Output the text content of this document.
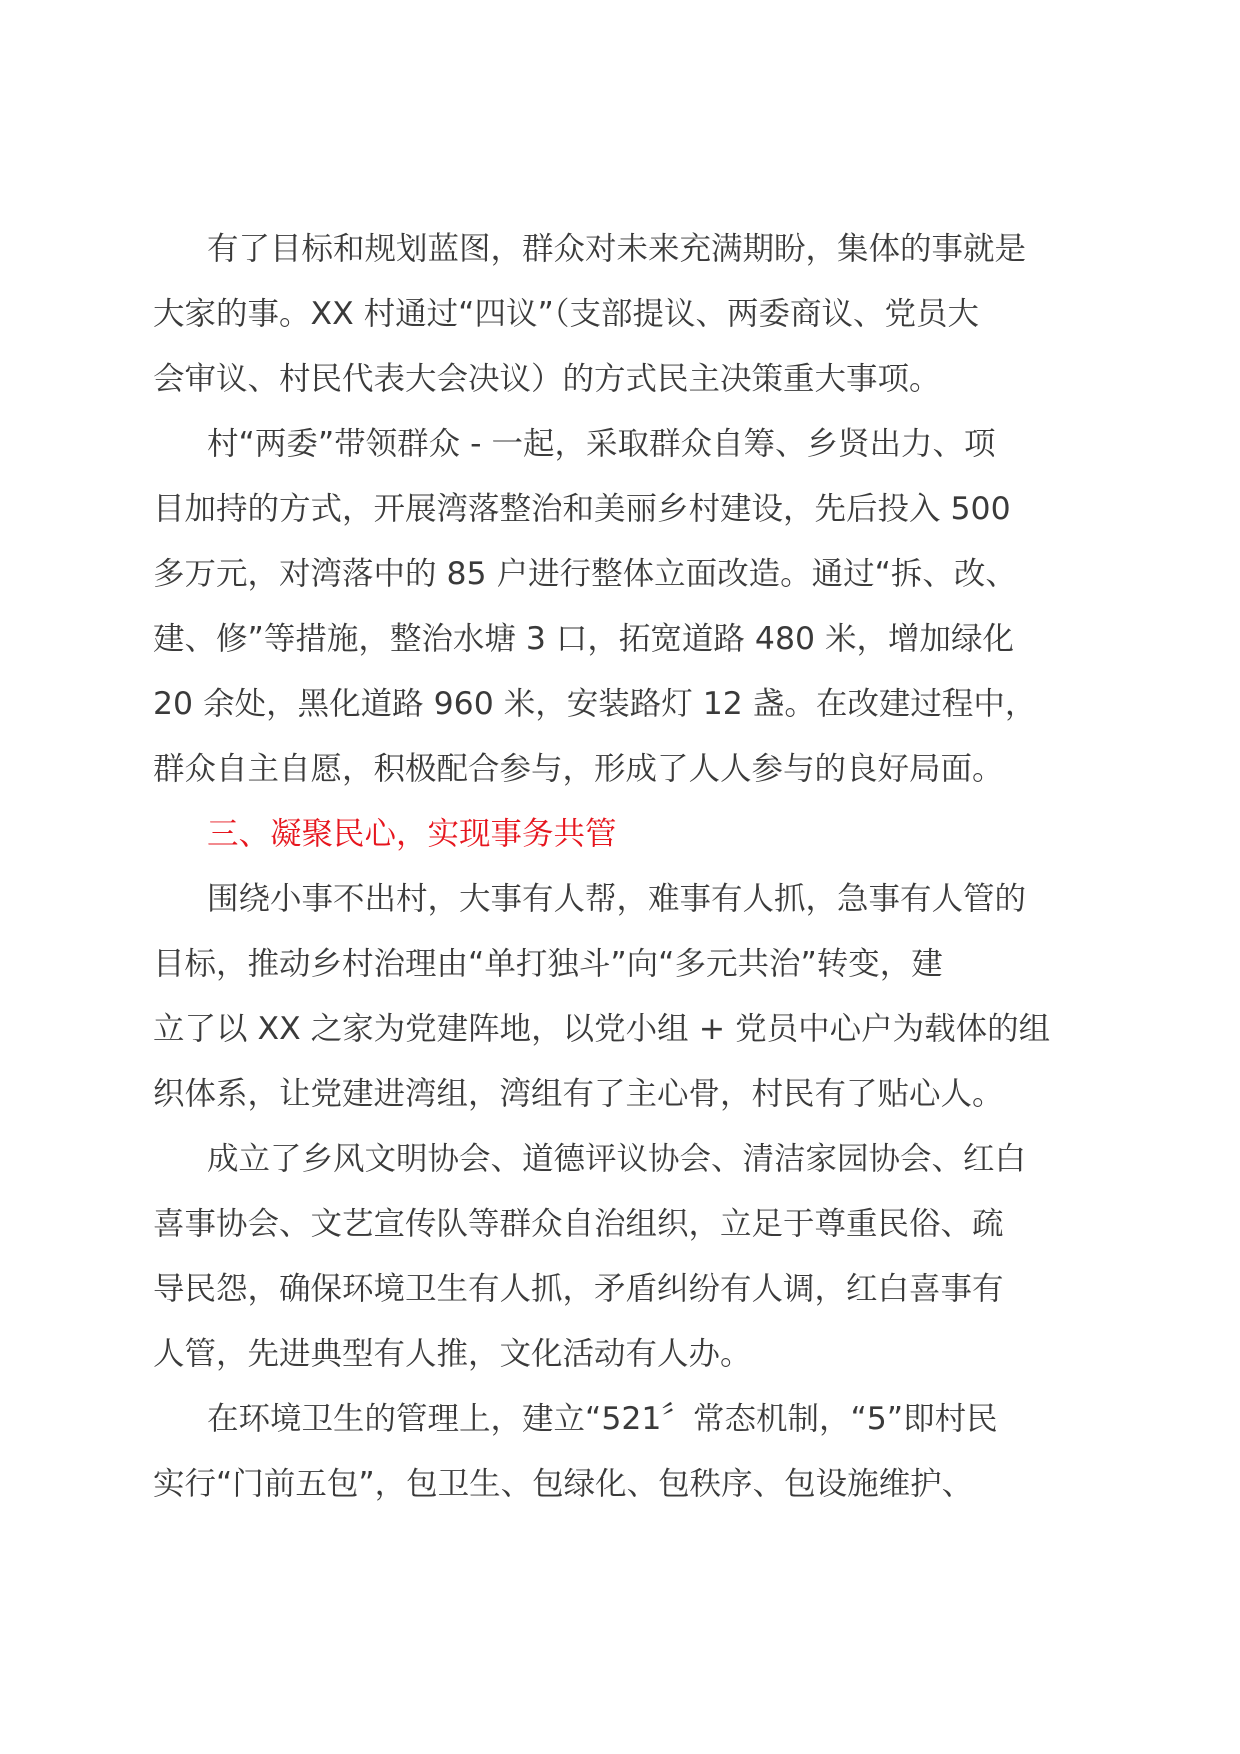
有了目标和规划蓝图，群众对未来充满期盼，集体的事就是
大家的事。XX 村通过“四议”（支部提议、两委商议、党员大
会审议、村民代表大会决议）的方式民主决策重大事项。
村“两委”带领群众 - 一起，采取群众自筹、乡贤出力、项
目加持的方式，开展湾落整治和美丽乡村建设，先后投入 500
多万元，对湾落中的 85 户进行整体立面改造。通过“拆、改、
建、修”等措施，整治水塘 3 口，拓宽道路 480 米，增加绿化
20 余处，黑化道路 960 米，安装路灯 12 盏。在改建过程中，
群众自主自愿，积极配合参与，形成了人人参与的良好局面。
三、凝聚民心，实现事务共管
围绕小事不出村，大事有人帮，难事有人抓，急事有人管的
目标，推动乡村治理由“单打独斗”向“多元共治”转变，建
立了以 XX 之家为党建阵地，以党小组 + 党员中心户为载体的组
织体系，让党建进湾组，湾组有了主心骨，村民有了贴心人。
成立了乡风文明协会、道德评议协会、清洁家园协会、红白
喜事协会、文艺宣传队等群众自治组织，立足于尊重民俗、疏
导民怨，确保环境卫生有人抓，矛盾纠纷有人调，红白喜事有
人管，先进典型有人推，文化活动有人办。
在环境卫生的管理上，建立“521〞常态机制，“5”即村民
实行“门前五包”，包卫生、包绿化、包秩序、包设施维护、
